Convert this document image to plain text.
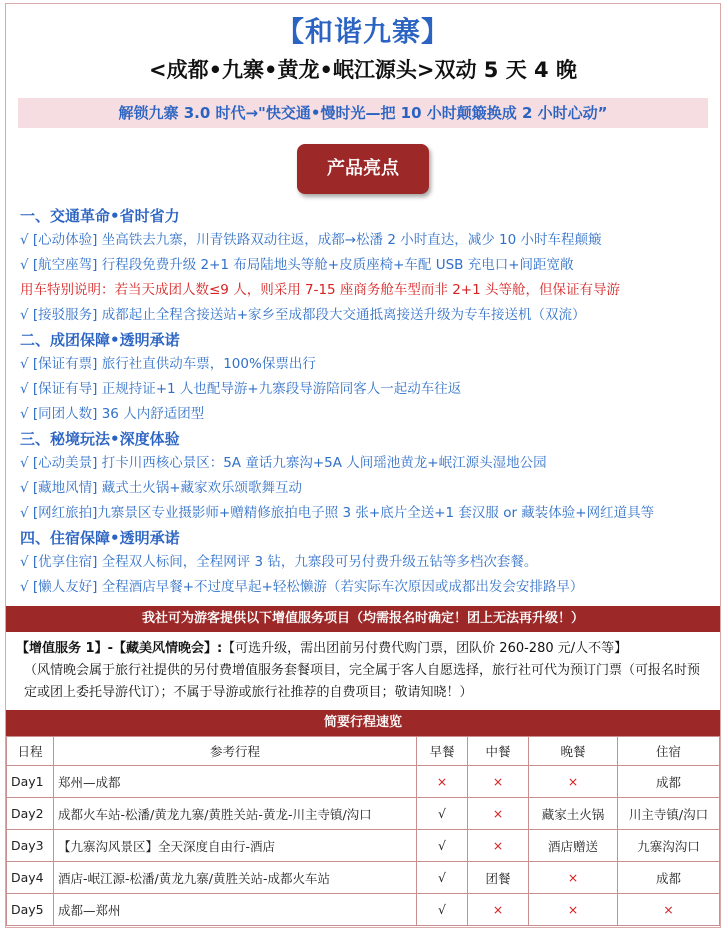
【和谐九寨】
<成都•九寨•黄龙•岷江源头>双动 5 天 4 晚
解锁九寨 3.0 时代→"快交通•慢时光—把 10 小时颠簸换成 2 小时心动”
产品亮点
一、交通革命•省时省力
√ [心动体验] 坐高铁去九寨，川青铁路双动往返，成都→松潘 2 小时直达，减少 10 小时车程颠簸
√ [航空座驾] 行程段免费升级 2+1 布局陆地头等舱+皮质座椅+车配 USB 充电口+间距宽敞
用车特别说明：若当天成团人数≤9 人，则采用 7-15 座商务舱车型而非 2+1 头等舱，但保证有导游
√ [接驳服务] 成都起止全程含接送站+家乡至成都段大交通抵离接送升级为专车接送机（双流）
二、成团保障•透明承诺
√ [保证有票] 旅行社直供动车票，100%保票出行
√ [保证有导] 正规持证+1 人也配导游+九寨段导游陪同客人一起动车往返
√ [同团人数] 36 人内舒适团型
三、秘境玩法•深度体验
√ [心动美景] 打卡川西核心景区：5A 童话九寨沟+5A 人间瑶池黄龙+岷江源头湿地公园
√ [藏地风情] 藏式土火锅+藏家欢乐颂歌舞互动
√ [网红旅拍]九寨景区专业摄影师+赠精修旅拍电子照 3 张+底片全送+1 套汉服 or 藏装体验+网红道具等
四、住宿保障•透明承诺
√ [优享住宿] 全程双人标间，全程网评 3 钻，九寨段可另付费升级五钻等多档次套餐。
√ [懒人友好] 全程酒店早餐+不过度早起+轻松懒游（若实际车次原因或成都出发会安排路早）
我社可为游客提供以下增值服务项目（均需报名时确定！团上无法再升级！）
【增值服务 1】-【藏美风情晚会】:【可选升级，需出团前另付费代购门票，团队价 260-280 元/人不等】
（风情晚会属于旅行社提供的另付费增值服务套餐项目，完全属于客人自愿选择，旅行社可代为预订门票（可报名时预定或团上委托导游代订）；不属于导游或旅行社推荐的自费项目；敬请知晓！）
简要行程速览
日程	参考行程	早餐	中餐	晚餐	住宿
Day1	郑州—成都	×	×	×	成都
Day2	成都火车站-松潘/黄龙九寨/黄胜关站-黄龙-川主寺镇/沟口	√	×	藏家土火锅	川主寺镇/沟口
Day3	【九寨沟风景区】全天深度自由行-酒店	√	×	酒店赠送	九寨沟沟口
Day4	酒店-岷江源-松潘/黄龙九寨/黄胜关站-成都火车站	√	团餐	×	成都
Day5	成都—郑州	√	×	×	×
